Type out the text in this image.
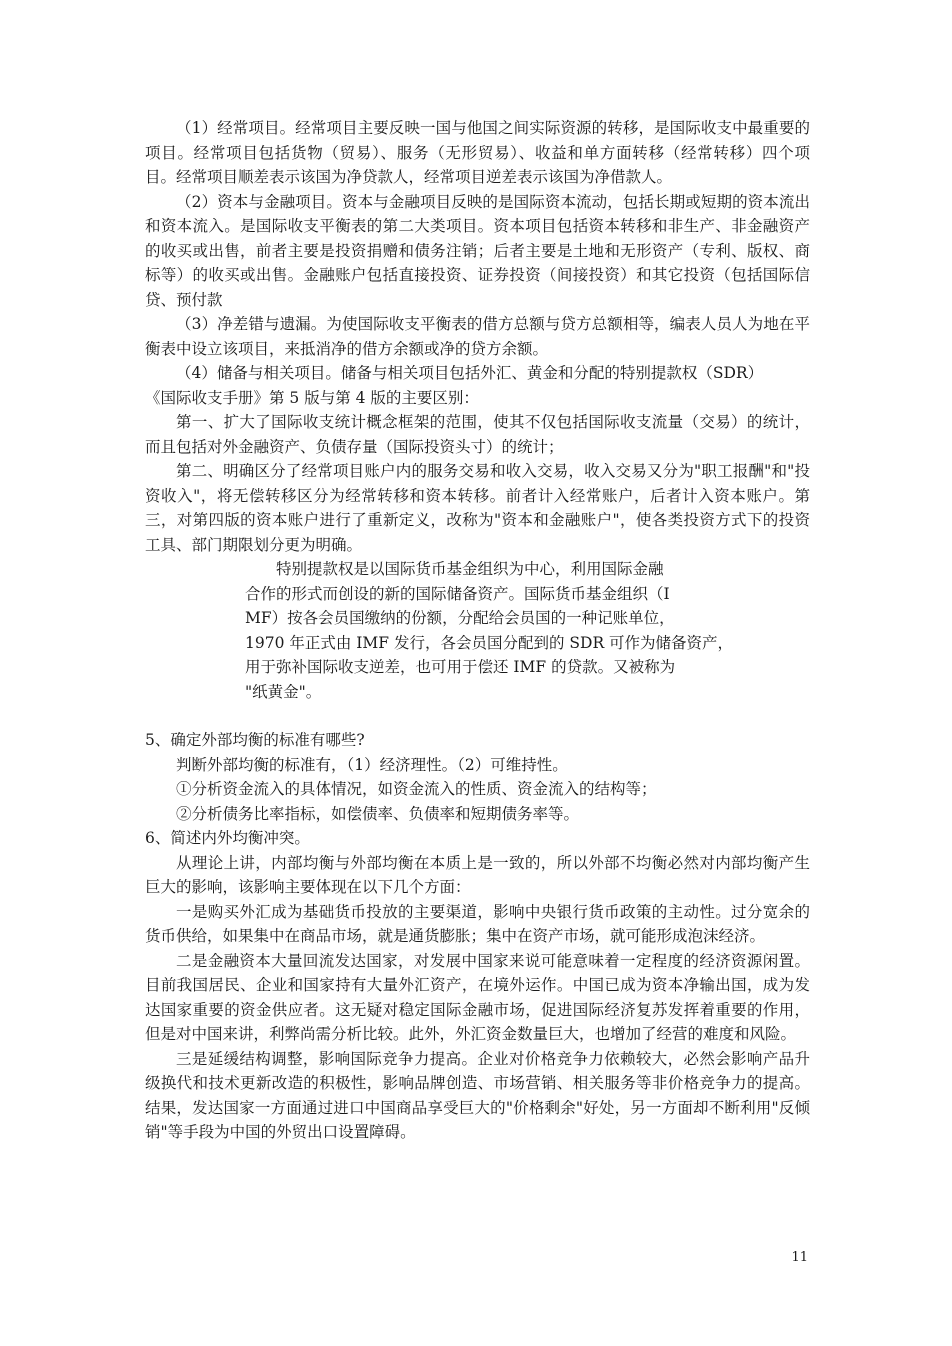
（1）经常项目。经常项目主要反映一国与他国之间实际资源的转移，是国际收支中最重要的项目。经常项目包括货物（贸易）、服务（无形贸易）、收益和单方面转移（经常转移）四个项目。经常项目顺差表示该国为净贷款人，经常项目逆差表示该国为净借款人。

（2）资本与金融项目。资本与金融项目反映的是国际资本流动，包括长期或短期的资本流出和资本流入。是国际收支平衡表的第二大类项目。资本项目包括资本转移和非生产、非金融资产的收买或出售，前者主要是投资捐赠和债务注销；后者主要是土地和无形资产（专利、版权、商标等）的收买或出售。金融账户包括直接投资、证券投资（间接投资）和其它投资（包括国际信贷、预付款

（3）净差错与遗漏。为使国际收支平衡表的借方总额与贷方总额相等，编表人员人为地在平衡表中设立该项目，来抵消净的借方余额或净的贷方余额。

（4）储备与相关项目。储备与相关项目包括外汇、黄金和分配的特别提款权（SDR）

《国际收支手册》第 5 版与第 4 版的主要区别：

第一、扩大了国际收支统计概念框架的范围，使其不仅包括国际收支流量（交易）的统计，而且包括对外金融资产、负债存量（国际投资头寸）的统计；

第二、明确区分了经常项目账户内的服务交易和收入交易，收入交易又分为"职工报酬"和"投资收入"，将无偿转移区分为经常转移和资本转移。前者计入经常账户，后者计入资本账户。第三，对第四版的资本账户进行了重新定义，改称为"资本和金融账户"，使各类投资方式下的投资工具、部门期限划分更为明确。

特别提款权是以国际货币基金组织为中心，利用国际金融

合作的形式而创设的新的国际储备资产。国际货币基金组织（I

MF）按各会员国缴纳的份额，分配给会员国的一种记账单位，

1970 年正式由 IMF 发行，各会员国分配到的 SDR 可作为储备资产，

用于弥补国际收支逆差，也可用于偿还 IMF 的贷款。又被称为

"纸黄金"。

5、确定外部均衡的标准有哪些?

判断外部均衡的标准有，（1）经济理性。（2）可维持性。

①分析资金流入的具体情况，如资金流入的性质、资金流入的结构等；

②分析债务比率指标，如偿债率、负债率和短期债务率等。

6、简述内外均衡冲突。

从理论上讲，内部均衡与外部均衡在本质上是一致的，所以外部不均衡必然对内部均衡产生巨大的影响，该影响主要体现在以下几个方面：

一是购买外汇成为基础货币投放的主要渠道，影响中央银行货币政策的主动性。过分宽余的货币供给，如果集中在商品市场，就是通货膨胀；集中在资产市场，就可能形成泡沫经济。

二是金融资本大量回流发达国家，对发展中国家来说可能意味着一定程度的经济资源闲置。目前我国居民、企业和国家持有大量外汇资产，在境外运作。中国已成为资本净输出国，成为发达国家重要的资金供应者。这无疑对稳定国际金融市场，促进国际经济复苏发挥着重要的作用，但是对中国来讲，利弊尚需分析比较。此外，外汇资金数量巨大，也增加了经营的难度和风险。

三是延缓结构调整，影响国际竞争力提高。企业对价格竞争力依赖较大，必然会影响产品升级换代和技术更新改造的积极性，影响品牌创造、市场营销、相关服务等非价格竞争力的提高。结果，发达国家一方面通过进口中国商品享受巨大的"价格剩余"好处，另一方面却不断利用"反倾销"等手段为中国的外贸出口设置障碍。

11
